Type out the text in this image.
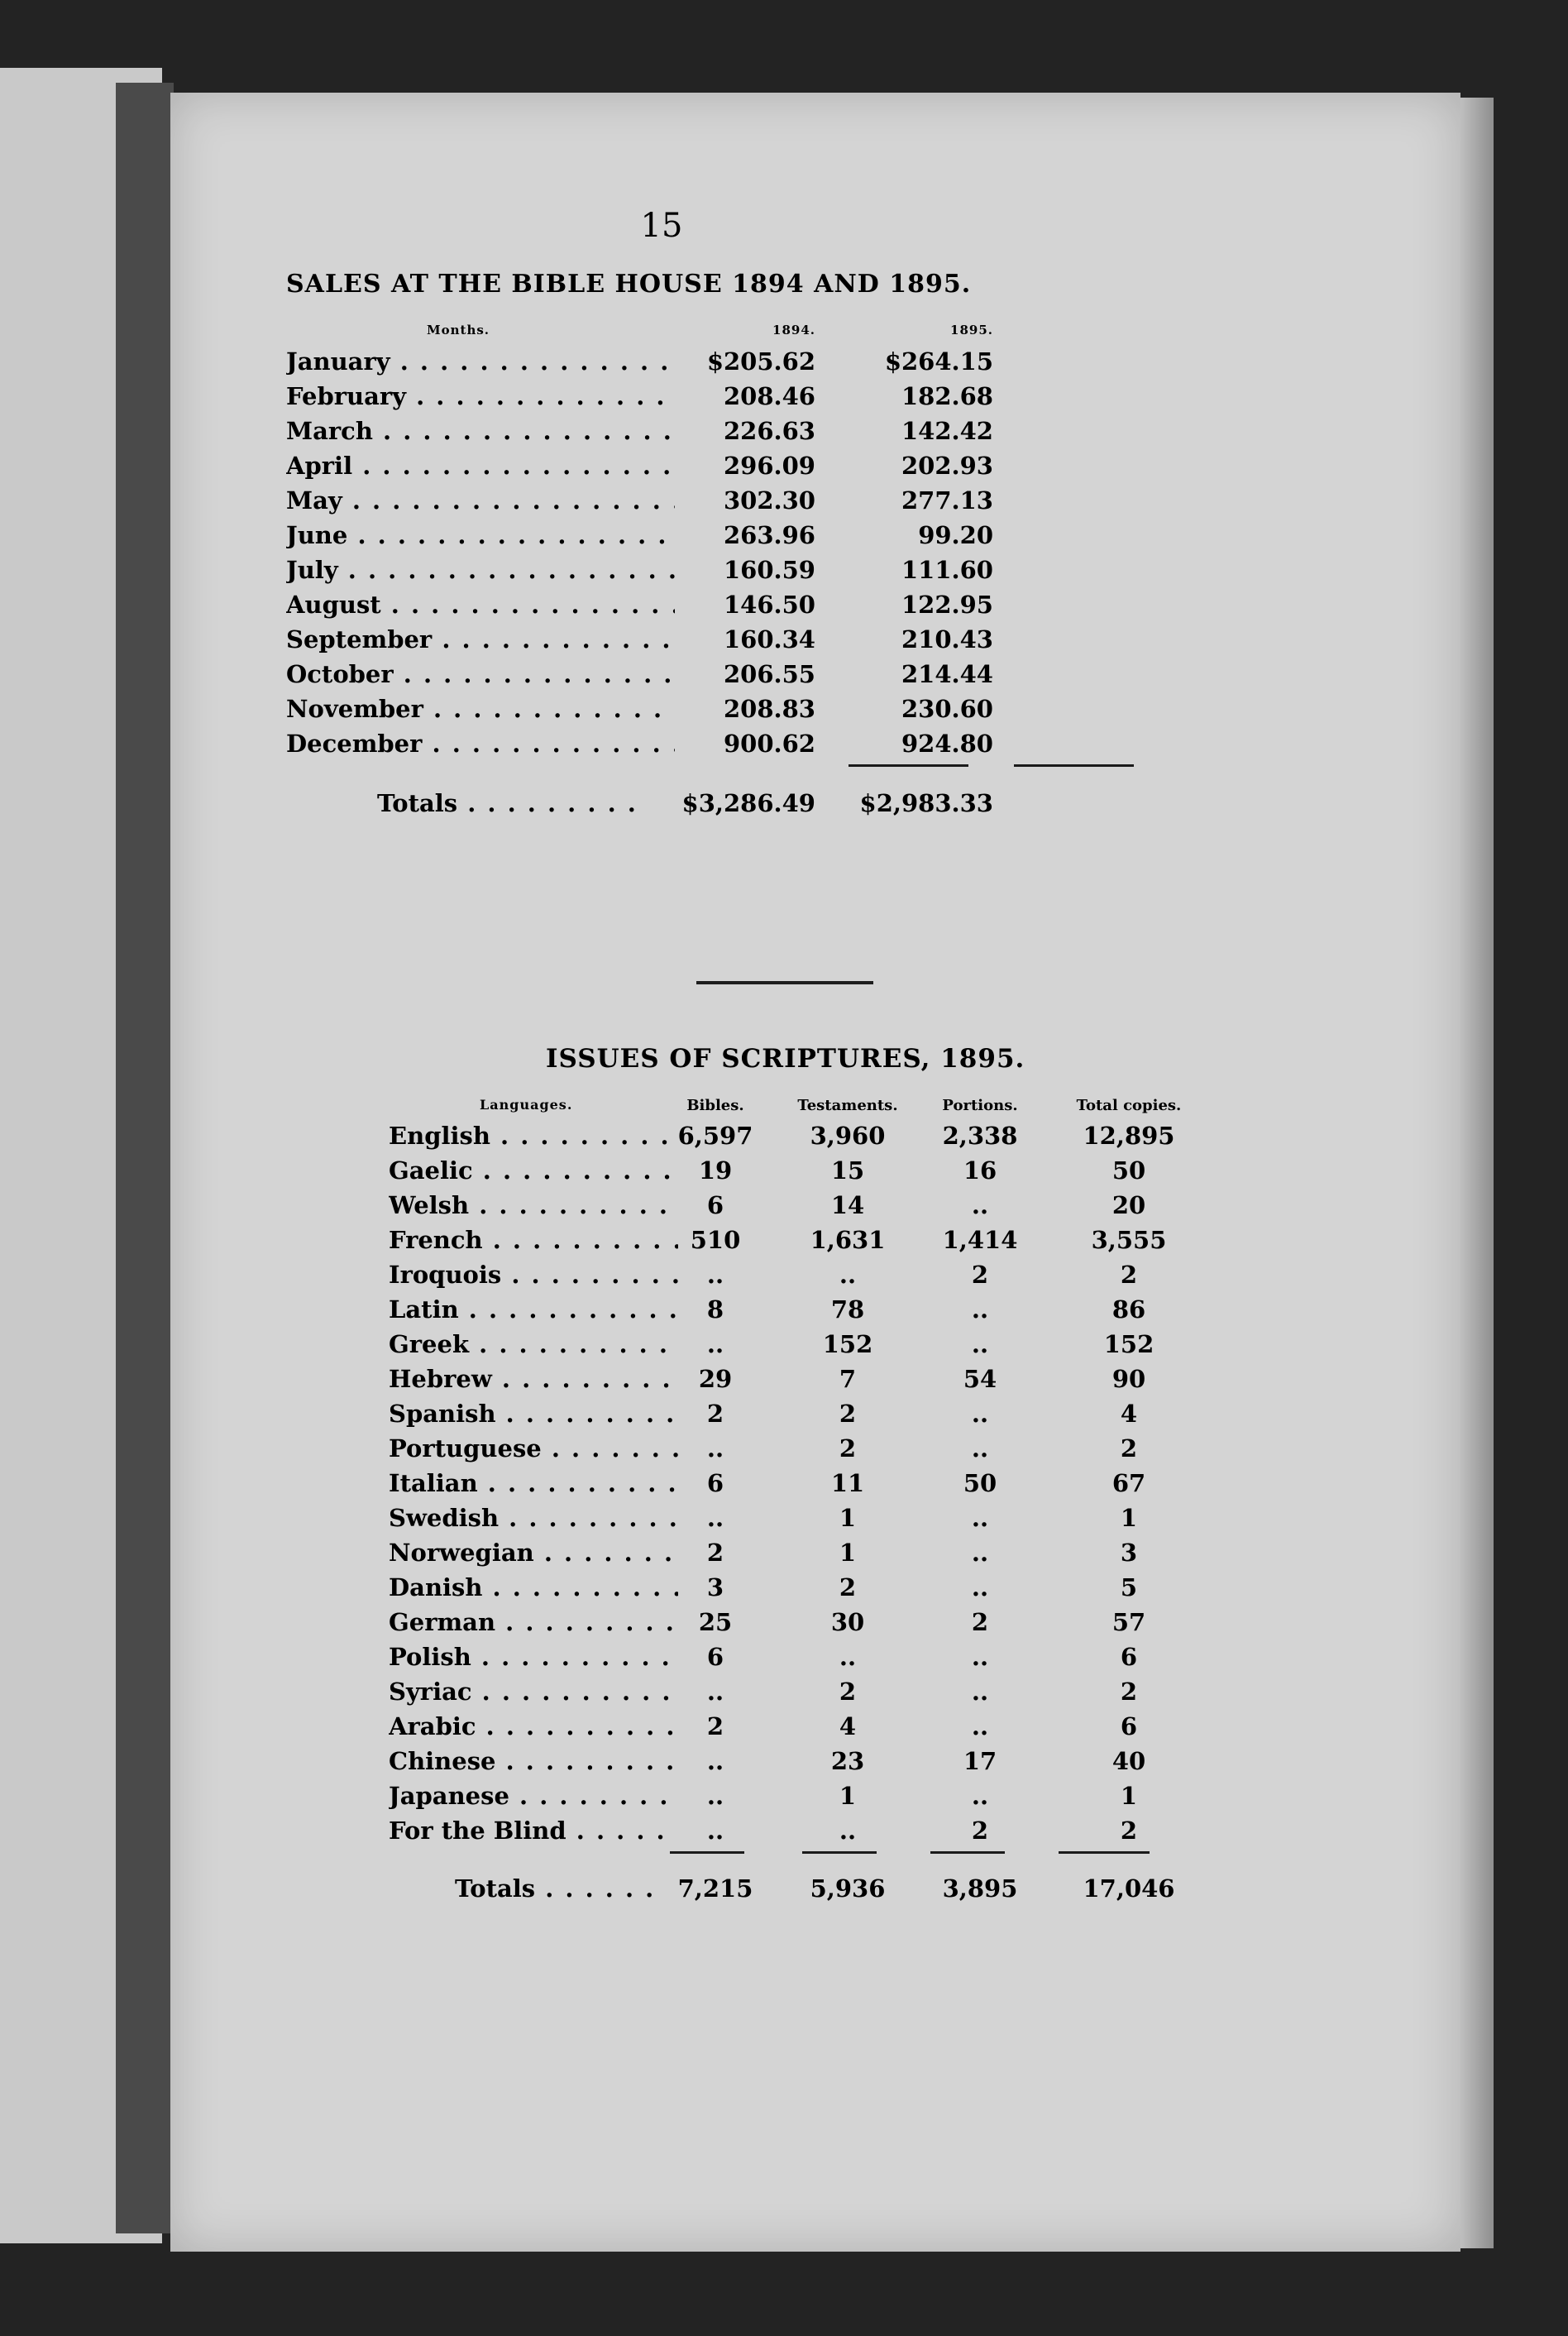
15
SALES AT THE BIBLE HOUSE 1894 AND 1895.
Months.	1894.	1895.
January . . .	$205.62	$264.15
February . . .	208.46	182.68
March . . .	226.63	142.42
April . . .	296.09	202.93
May . . .	302.30	277.13
June . . .	263.96	99.20
July . . .	160.59	111.60
August . . .	146.50	122.95
September . . .	160.34	210.43
October . . .	206.55	214.44
November . . .	208.83	230.60
December . . .	900.62	924.80
Totals . . .	$3,286.49	$2,983.33
ISSUES OF SCRIPTURES, 1895.
Languages.	Bibles.	Testaments.	Portions.	Total copies.
English . . .	6,597	3,960	2,338	12,895
Gaelic . . .	19	15	16	50
Welsh . . .	6	14	..	20
French . . .	510	1,631	1,414	3,555
Iroquois . . .	..	..	2	2
Latin . . .	8	78	..	86
Greek . . .	..	152	..	152
Hebrew . . .	29	7	54	90
Spanish . . .	2	2	..	4
Portuguese . . .	..	2	..	2
Italian . . .	6	11	50	67
Swedish . . .	..	1	..	1
Norwegian . . .	2	1	..	3
Danish . . .	3	2	..	5
German . . .	25	30	2	57
Polish . . .	6	..	..	6
Syriac . . .	..	2	..	2
Arabic . . .	2	4	..	6
Chinese . . .	..	23	17	40
Japanese . . .	..	1	..	1
For the Blind . . .	..	..	2	2
Totals . . .	7,215	5,936	3,895	17,046
